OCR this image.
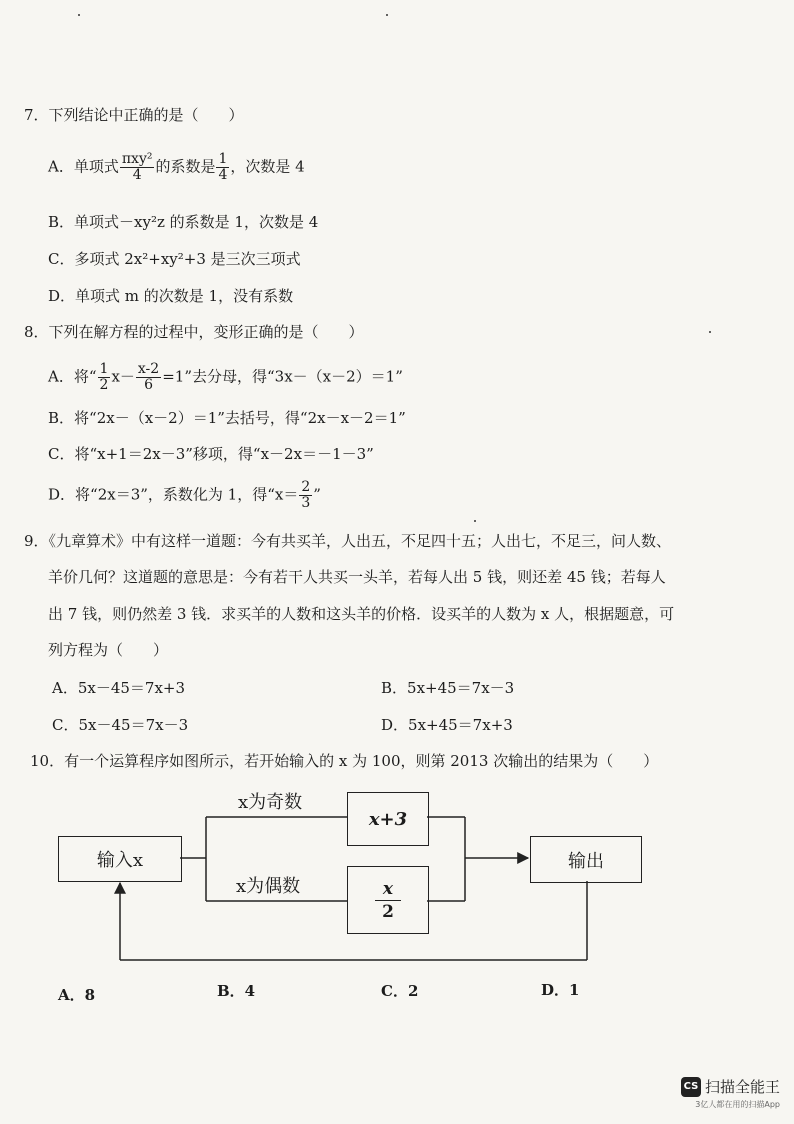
7．下列结论中正确的是（　　）
A．单项式 $\frac{\text{πxy²}}{4}$ 的系数是 $\frac{1}{4}$ ，次数是 4
B．单项式－xy²z 的系数是 1，次数是 4
C．多项式 2x²+xy²+3 是三次三项式
D．单项式 m 的次数是 1，没有系数
8．下列在解方程的过程中，变形正确的是（　　）
A．将“ $\frac{1}{2} x- \frac{x-2}{6} =1$”去分母，得“3x－（x－2）＝1”
B．将“2x－（x－2）＝1”去括号，得“2x－x－2＝1”
C．将“x+1＝2x－3”移项，得“x－2x＝－1－3”
D．将“2x＝3”，系数化为 1，得“$x= \frac{2}{3}$ ”
9．《九章算术》中有这样一道题：今有共买羊，人出五，不足四十五；人出七，不足三，问人数、
羊价几何？这道题的意思是：今有若干人共买一头羊，若每人出 5 钱，则还差 45 钱；若每人
出 7 钱，则仍然差 3 钱．求买羊的人数和这头羊的价格．设买羊的人数为 x 人，根据题意，可
列方程为（　　）
A．5x－45＝7x+3	B．5x+45＝7x－3
C．5x－45＝7x－3	D．5x+45＝7x+3
10．有一个运算程序如图所示，若开始输入的 x 为 100，则第 2013 次输出的结果为（　　）
输入x
x为奇数
x+3
x为偶数	$\frac{x}{2}$
输出
A．8	B．4	C．2	D．1
CS 扫描全能王
3亿人都在用的扫描App
